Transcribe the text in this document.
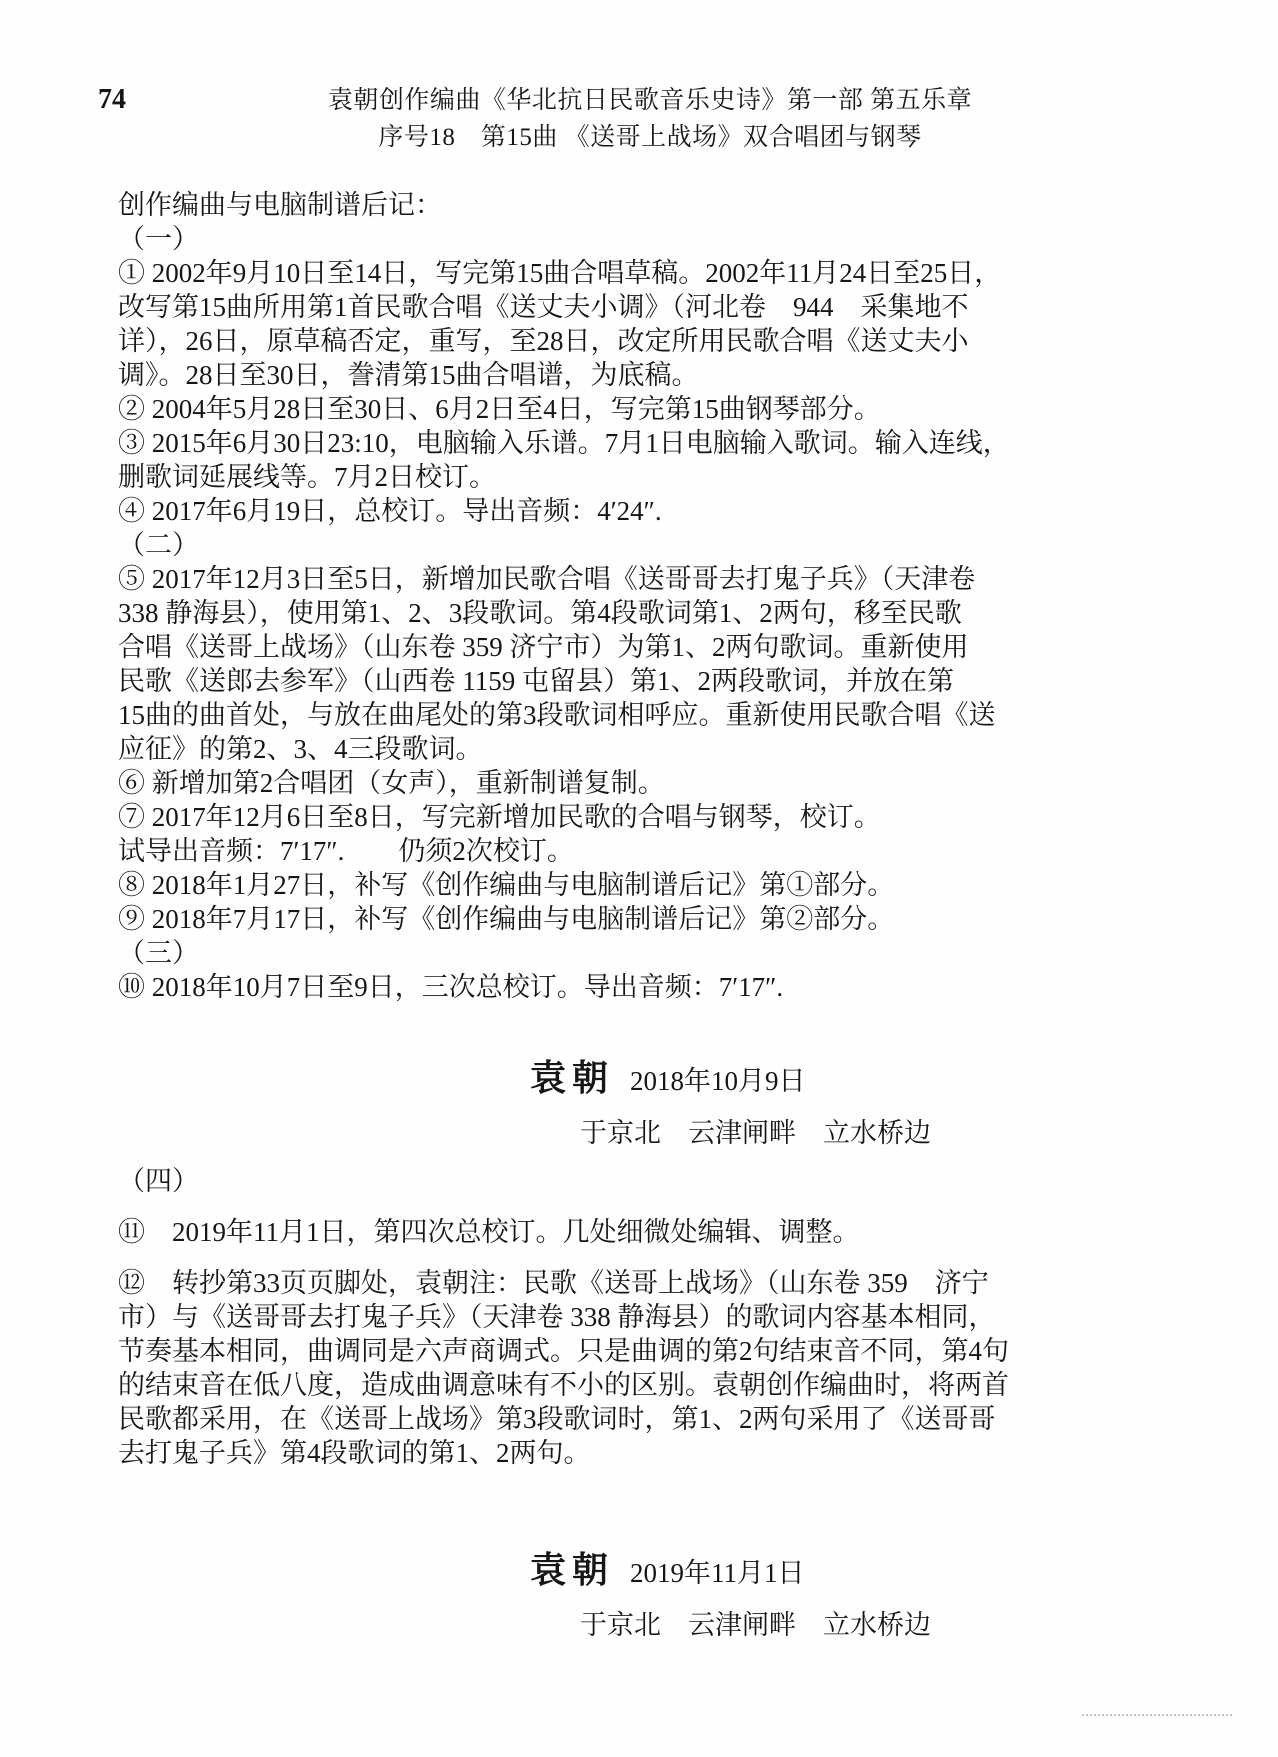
74	袁朝创作编曲《华北抗日民歌音乐史诗》第一部 第五乐章
序号18　第15曲 《送哥上战场》双合唱团与钢琴
创作编曲与电脑制谱后记：
（一）
① 2002年9月10日至14日，写完第15曲合唱草稿。2002年11月24日至25日，
改写第15曲所用第1首民歌合唱《送丈夫小调》（河北卷　944　采集地不
详），26日，原草稿否定，重写，至28日，改定所用民歌合唱《送丈夫小
调》。28日至30日，誊清第15曲合唱谱，为底稿。
② 2004年5月28日至30日、6月2日至4日，写完第15曲钢琴部分。
③ 2015年6月30日23:10，电脑输入乐谱。7月1日电脑输入歌词。输入连线，
删歌词延展线等。7月2日校订。
④ 2017年6月19日，总校订。导出音频：4′24″.
（二）
⑤ 2017年12月3日至5日，新增加民歌合唱《送哥哥去打鬼子兵》（天津卷
338 静海县），使用第1、2、3段歌词。第4段歌词第1、2两句，移至民歌
合唱《送哥上战场》（山东卷 359 济宁市）为第1、2两句歌词。重新使用
民歌《送郎去参军》（山西卷 1159 屯留县）第1、2两段歌词，并放在第
15曲的曲首处，与放在曲尾处的第3段歌词相呼应。重新使用民歌合唱《送
应征》的第2、3、4三段歌词。
⑥ 新增加第2合唱团（女声），重新制谱复制。
⑦ 2017年12月6日至8日，写完新增加民歌的合唱与钢琴，校订。
试导出音频：7′17″.　　仍须2次校订。
⑧ 2018年1月27日，补写《创作编曲与电脑制谱后记》第①部分。
⑨ 2018年7月17日，补写《创作编曲与电脑制谱后记》第②部分。
（三）
⑩ 2018年10月7日至9日，三次总校订。导出音频：7′17″.
袁朝 2018年10月9日
于京北　云津闸畔　立水桥边
（四）
⑪　2019年11月1日，第四次总校订。几处细微处编辑、调整。
⑫　转抄第33页页脚处，袁朝注：民歌《送哥上战场》（山东卷 359　济宁
市）与《送哥哥去打鬼子兵》（天津卷 338 静海县）的歌词内容基本相同，
节奏基本相同，曲调同是六声商调式。只是曲调的第2句结束音不同，第4句
的结束音在低八度，造成曲调意味有不小的区别。袁朝创作编曲时，将两首
民歌都采用，在《送哥上战场》第3段歌词时，第1、2两句采用了《送哥哥
去打鬼子兵》第4段歌词的第1、2两句。
袁朝 2019年11月1日
于京北　云津闸畔　立水桥边
